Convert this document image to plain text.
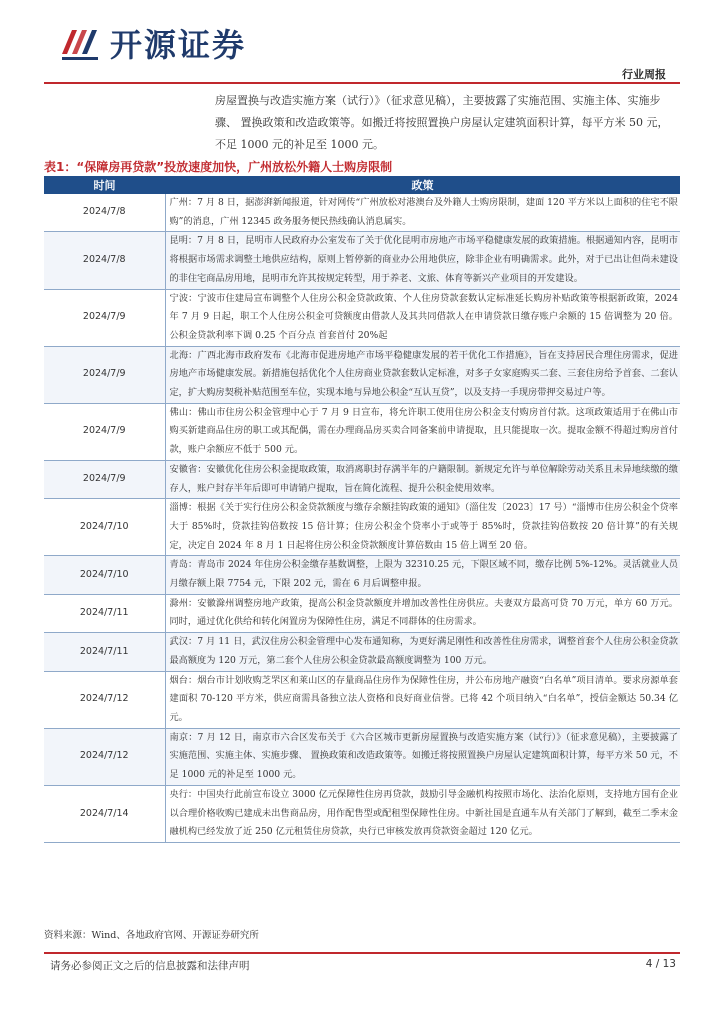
开源证券
行业周报
房屋置换与改造实施方案（试行）》（征求意见稿），主要披露了实施范围、实施主体、实施步骤、 置换政策和改造政策等。如搬迁将按照置换户房屋认定建筑面积计算，每平方米 50 元，不足 1000 元的补足至 1000 元。
表1：“保障房再贷款”投放速度加快，广州放松外籍人士购房限制
时间	政策
2024/7/8	广州：7 月 8 日，据澎湃新闻报道，针对网传“广州放松对港澳台及外籍人士购房限制，建面 120 平方米以上面积的住宅不限购”的消息，广州 12345 政务服务便民热线确认消息属实。
2024/7/8	昆明：7 月 8 日，昆明市人民政府办公室发布了关于优化昆明市房地产市场平稳健康发展的政策措施。根据通知内容，昆明市将根据市场需求调整土地供应结构，原则上暂停新的商业办公用地供应，除非企业有明确需求。此外，对于已出让但尚未建设的非住宅商品房用地，昆明市允许其按规定转型，用于养老、文旅、体育等新兴产业项目的开发建设。
2024/7/9	宁波：宁波市住建局宣布调整个人住房公积金贷款政策、个人住房贷款套数认定标准延长购房补贴政策等根据新政策，2024 年 7 月 9 日起，职工个人住房公积金可贷额度由借款人及其共同借款人在申请贷款日缴存账户余额的 15 倍调整为 20 倍。公积金贷款利率下调 0.25 个百分点 首套首付 20%起
2024/7/9	北海：广西北海市政府发布《北海市促进房地产市场平稳健康发展的若干优化工作措施》，旨在支持居民合理住房需求，促进房地产市场健康发展。新措施包括优化个人住房商业贷款套数认定标准，对多子女家庭购买二套、三套住房给予首套、二套认定，扩大购房契税补贴范围至车位，实现本地与异地公积金“互认互贷”，以及支持一手现房带押交易过户等。
2024/7/9	佛山：佛山市住房公积金管理中心于 7 月 9 日宣布，将允许职工使用住房公积金支付购房首付款。这项政策适用于在佛山市购买新建商品住房的职工或其配偶，需在办理商品房买卖合同备案前申请提取，且只能提取一次。提取金额不得超过购房首付款，账户余额应不低于 500 元。
2024/7/9	安徽省：安徽优化住房公积金提取政策，取消离职封存满半年的户籍限制。新规定允许与单位解除劳动关系且未异地续缴的缴存人，账户封存半年后即可申请销户提取，旨在简化流程、提升公积金使用效率。
2024/7/10	淄博：根据《关于实行住房公积金贷款额度与缴存余额挂钩政策的通知》（淄住发〔2023〕17 号）“淄博市住房公积金个贷率大于 85%时，贷款挂钩倍数按 15 倍计算；住房公积金个贷率小于或等于 85%时，贷款挂钩倍数按 20 倍计算”的有关规定，决定自 2024 年 8 月 1 日起将住房公积金贷款额度计算倍数由 15 倍上调至 20 倍。
2024/7/10	青岛：青岛市 2024 年住房公积金缴存基数调整，上限为 32310.25 元，下限区域不同，缴存比例 5%-12%。灵活就业人员月缴存额上限 7754 元，下限 202 元，需在 6 月后调整申报。
2024/7/11	滁州：安徽滁州调整房地产政策，提高公积金贷款额度并增加改善性住房供应。夫妻双方最高可贷 70 万元，单方 60 万元。同时，通过优化供给和转化闲置房为保障性住房，满足不同群体的住房需求。
2024/7/11	武汉：7 月 11 日，武汉住房公积金管理中心发布通知称，为更好满足刚性和改善性住房需求，调整首套个人住房公积金贷款最高额度为 120 万元，第二套个人住房公积金贷款最高额度调整为 100 万元。
2024/7/12	烟台：烟台市计划收购芝罘区和莱山区的存量商品住房作为保障性住房，并公布房地产融资“白名单”项目清单。要求房源单套建面积 70-120 平方米，供应商需具备独立法人资格和良好商业信誉。已将 42 个项目纳入“白名单”，授信金额达 50.34 亿元。
2024/7/12	南京：7 月 12 日，南京市六合区发布关于《六合区城市更新房屋置换与改造实施方案（试行）》（征求意见稿），主要披露了实施范围、实施主体、实施步骤、 置换政策和改造政策等。如搬迁将按照置换户房屋认定建筑面积计算，每平方米 50 元，不足 1000 元的补足至 1000 元。
2024/7/14	央行：中国央行此前宣布设立 3000 亿元保障性住房再贷款，鼓励引导金融机构按照市场化、法治化原则，支持地方国有企业以合理价格收购已建成未出售商品房，用作配售型或配租型保障性住房。中新社国是直通车从有关部门了解到，截至二季末金融机构已经发放了近 250 亿元租赁住房贷款，央行已审核发放再贷款资金超过 120 亿元。
资料来源：Wind、各地政府官网、开源证券研究所
请务必参阅正文之后的信息披露和法律声明	4 / 13
